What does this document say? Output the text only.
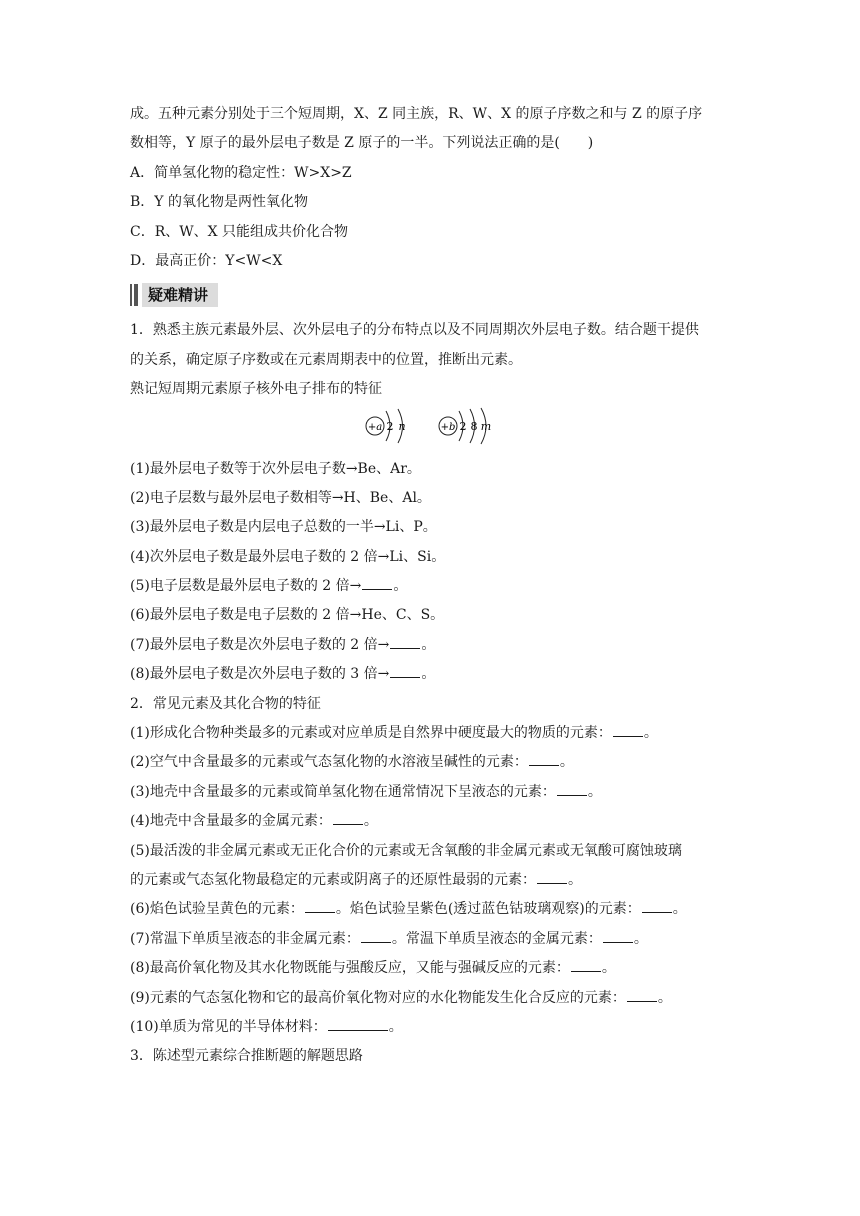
成。五种元素分别处于三个短周期，X、Z 同主族，R、W、X 的原子序数之和与 Z 的原子序
数相等，Y 原子的最外层电子数是 Z 原子的一半。下列说法正确的是(　　)
A．简单氢化物的稳定性：W>X>Z
B．Y 的氧化物是两性氧化物
C．R、W、X 只能组成共价化合物
D．最高正价：Y<W<X
疑难精讲
1．熟悉主族元素最外层、次外层电子的分布特点以及不同周期次外层电子数。结合题干提供
的关系，确定原子序数或在元素周期表中的位置，推断出元素。
熟记短周期元素原子核外电子排布的特征
+a 2 n	+b 2 8 m
(1)最外层电子数等于次外层电子数→Be、Ar。
(2)电子层数与最外层电子数相等→H、Be、Al。
(3)最外层电子数是内层电子总数的一半→Li、P。
(4)次外层电子数是最外层电子数的 2 倍→Li、Si。
(5)电子层数是最外层电子数的 2 倍→ 。
(6)最外层电子数是电子层数的 2 倍→He、C、S。
(7)最外层电子数是次外层电子数的 2 倍→ 。
(8)最外层电子数是次外层电子数的 3 倍→ 。
2．常见元素及其化合物的特征
(1)形成化合物种类最多的元素或对应单质是自然界中硬度最大的物质的元素： 。
(2)空气中含量最多的元素或气态氢化物的水溶液呈碱性的元素： 。
(3)地壳中含量最多的元素或简单氢化物在通常情况下呈液态的元素： 。
(4)地壳中含量最多的金属元素： 。
(5)最活泼的非金属元素或无正化合价的元素或无含氧酸的非金属元素或无氧酸可腐蚀玻璃
的元素或气态氢化物最稳定的元素或阴离子的还原性最弱的元素： 。
(6)焰色试验呈黄色的元素： 。焰色试验呈紫色(透过蓝色钴玻璃观察)的元素： 。
(7)常温下单质呈液态的非金属元素： 。常温下单质呈液态的金属元素： 。
(8)最高价氧化物及其水化物既能与强酸反应，又能与强碱反应的元素： 。
(9)元素的气态氢化物和它的最高价氧化物对应的水化物能发生化合反应的元素： 。
(10)单质为常见的半导体材料：	。
3．陈述型元素综合推断题的解题思路
